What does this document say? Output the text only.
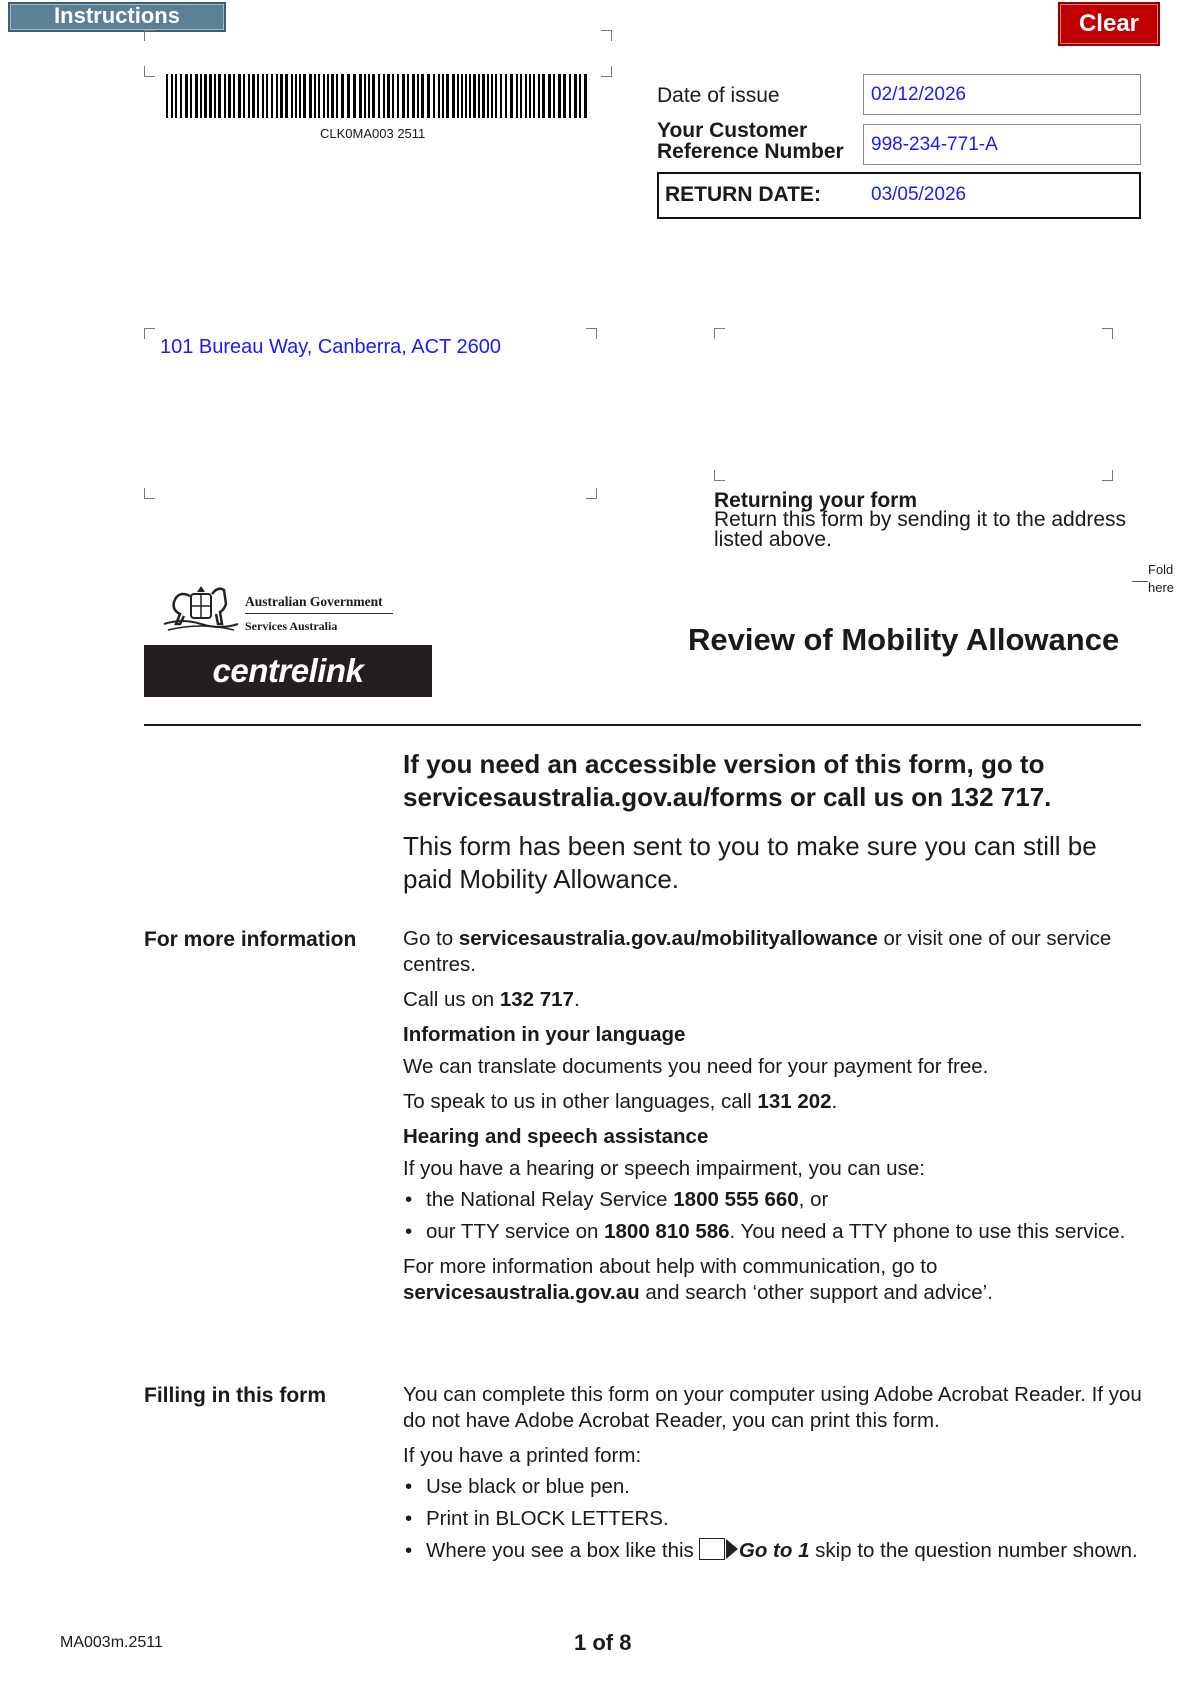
Instructions	Clear
CLK0MA003 2511
Date of issue	02/12/2026
Your Customer
Reference Number	998-234-771-A
RETURN DATE:	03/05/2026
101 Bureau Way, Canberra, ACT 2600
Returning your form
Return this form by sending it to the address listed above.
Fold
here
Australian Government
Services Australia
centrelink
Review of Mobility Allowance
If you need an accessible version of this form, go to servicesaustralia.gov.au/forms or call us on 132 717.
This form has been sent to you to make sure you can still be paid Mobility Allowance.
For more information Go to servicesaustralia.gov.au/mobilityallowance or visit one of our service centres.

Call us on 132 717.

Information in your language

We can translate documents you need for your payment for free.

To speak to us in other languages, call 131 202.

Hearing and speech assistance

If you have a hearing or speech impairment, you can use:

• the National Relay Service 1800 555 660, or
• our TTY service on 1800 810 586. You need a TTY phone to use this service.

For more information about help with communication, go to servicesaustralia.gov.au and search ‘other support and advice’.

Filling in this form	You can complete this form on your computer using Adobe Acrobat Reader. If you do not have Adobe Acrobat Reader, you can print this form.

If you have a printed form:

• Use black or blue pen.
• Print in BLOCK LETTERS.
• Where you see a box like this   Go to 1 skip to the question number shown.
MA003m.2511	1 of 8
